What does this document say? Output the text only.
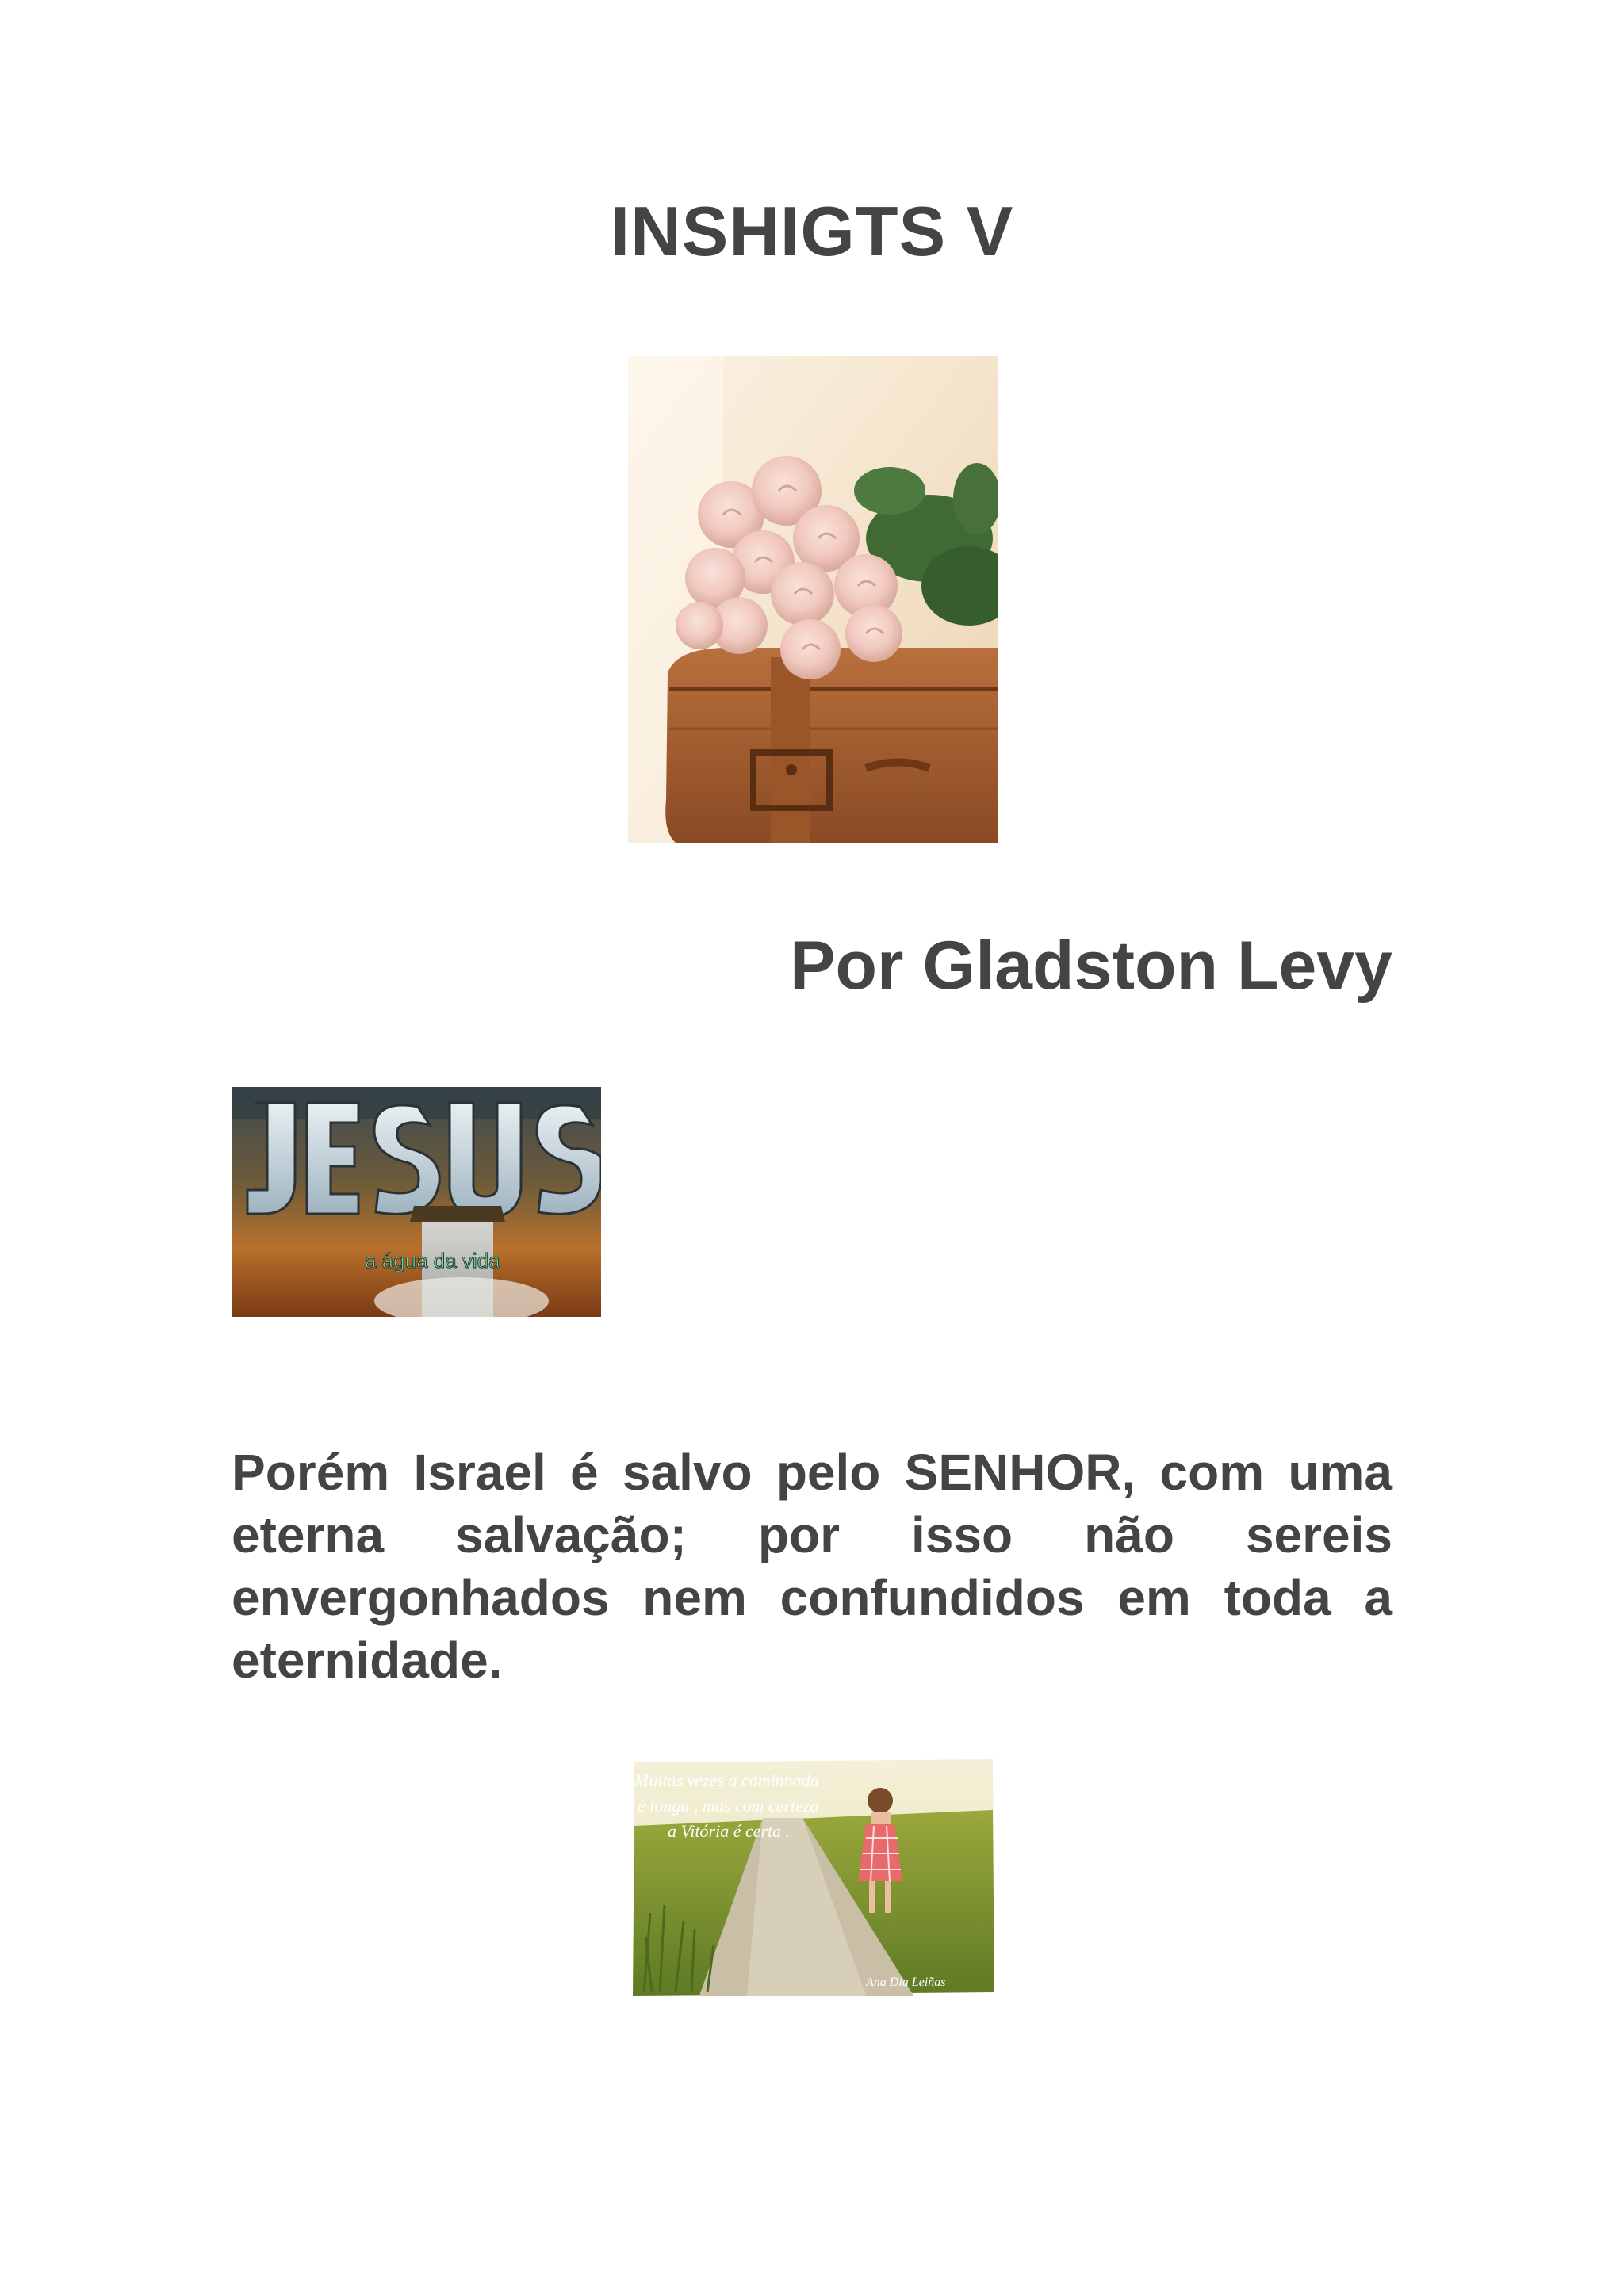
INSHIGTS V
Por Gladston Levy
a água da vida

Porém Israel é salvo pelo SENHOR, com uma eterna salvação; por isso não sereis envergonhados nem confundidos em toda a eternidade.

Muitas vezes a caminhada
é longa , mas com certeza
a Vitória é certa .
Ana Dia Leiñas
